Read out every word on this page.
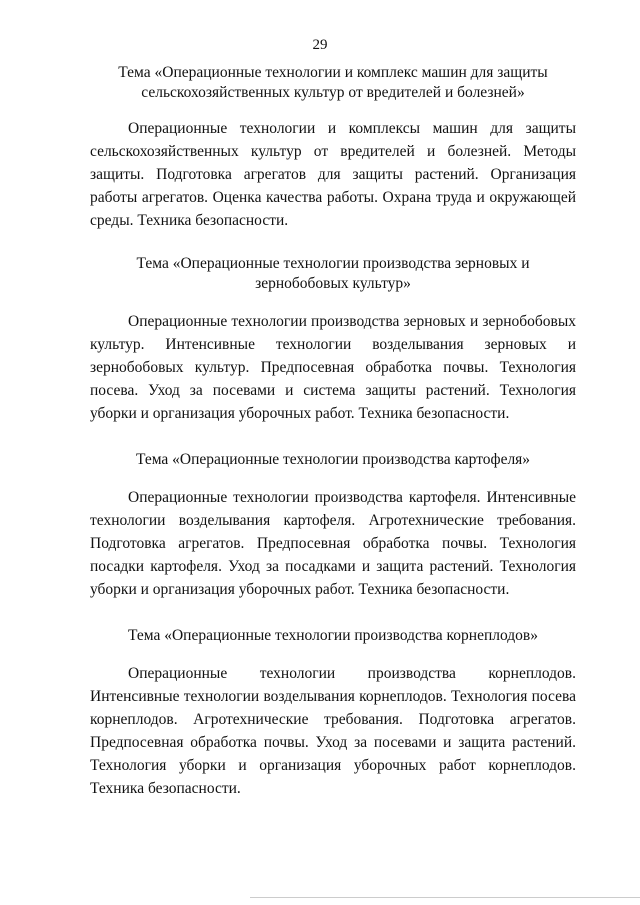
29

Тема «Операционные технологии и комплекс машин для защиты сельскохозяйственных культур от вредителей и болезней»

Операционные технологии и комплексы машин для защиты сельскохозяйственных культур от вредителей и болезней. Методы защиты. Подготовка агрегатов для защиты растений. Организация работы агрегатов. Оценка качества работы. Охрана труда и окружающей среды. Техника безопасности.

Тема «Операционные технологии производства зерновых и зернобобовых культур»

Операционные технологии производства зерновых и зернобобовых культур. Интенсивные технологии возделывания зерновых и зернобобовых культур. Предпосевная обработка почвы. Технология посева. Уход за посевами и система защиты растений. Технология уборки и организация уборочных работ. Техника безопасности.

Тема «Операционные технологии производства картофеля»

Операционные технологии производства картофеля. Интенсивные технологии возделывания картофеля. Агротехнические требования. Подготовка агрегатов. Предпосевная обработка почвы. Технология посадки картофеля. Уход за посадками и защита растений. Технология уборки и организация уборочных работ. Техника безопасности.

Тема «Операционные технологии производства корнеплодов»

Операционные технологии производства корнеплодов. Интенсивные технологии возделывания корнеплодов. Технология посева корнеплодов. Агротехнические требования. Подготовка агрегатов. Предпосевная обработка почвы. Уход за посевами и защита растений. Технология уборки и организация уборочных работ корнеплодов. Техника безопасности.
